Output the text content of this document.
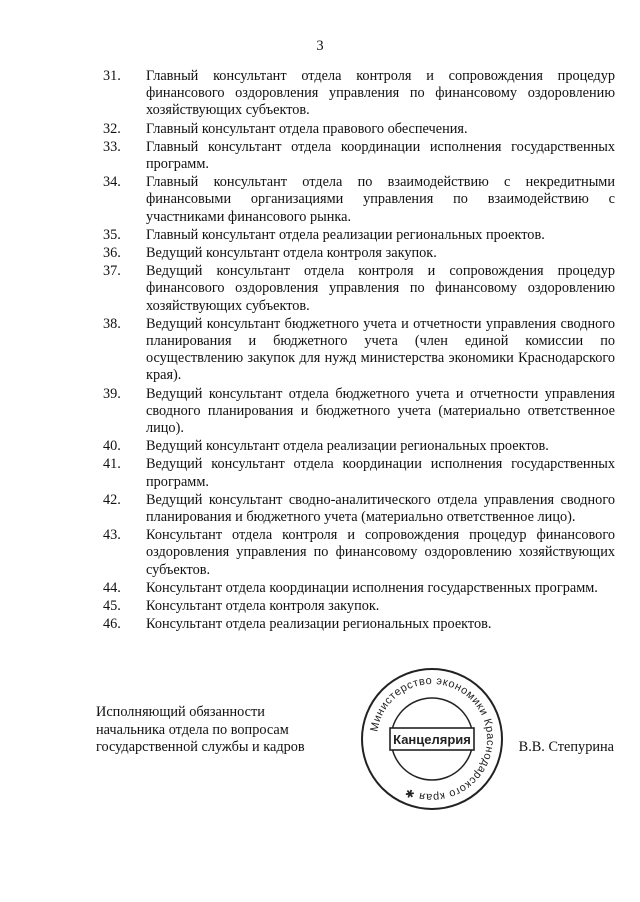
3
31.	Главный консультант отдела контроля и сопровождения процедур финансового оздоровления управления по финансовому оздоровлению хозяйствующих субъектов.
32.	Главный консультант отдела правового обеспечения.
33.	Главный консультант отдела координации исполнения государственных программ.
34.	Главный консультант отдела по взаимодействию с некредитными финансовыми организациями управления по взаимодействию с участниками финансового рынка.
35.	Главный консультант отдела реализации региональных проектов.
36.	Ведущий консультант отдела контроля закупок.
37.	Ведущий консультант отдела контроля и сопровождения процедур финансового оздоровления управления по финансовому оздоровлению хозяйствующих субъектов.
38.	Ведущий консультант бюджетного учета и отчетности управления сводного планирования и бюджетного учета (член единой комиссии по осуществлению закупок для нужд министерства экономики Краснодарского края).
39.	Ведущий консультант отдела бюджетного учета и отчетности управления сводного планирования и бюджетного учета (материально ответственное лицо).
40.	Ведущий консультант отдела реализации региональных проектов.
41.	Ведущий консультант отдела координации исполнения государственных программ.
42.	Ведущий консультант сводно-аналитического отдела управления сводного планирования и бюджетного учета (материально ответственное лицо).
43.	Консультант отдела контроля и сопровождения процедур финансового оздоровления управления по финансовому оздоровлению хозяйствующих субъектов.
44.	Консультант отдела координации исполнения государственных программ.
45.	Консультант отдела контроля закупок.
46.	Консультант отдела реализации региональных проектов.
Исполняющий обязанности
начальника отдела по вопросам
государственной службы и кадров	В.В. Степурина
Министерство экономики Краснодарского края ✱
Канцелярия
